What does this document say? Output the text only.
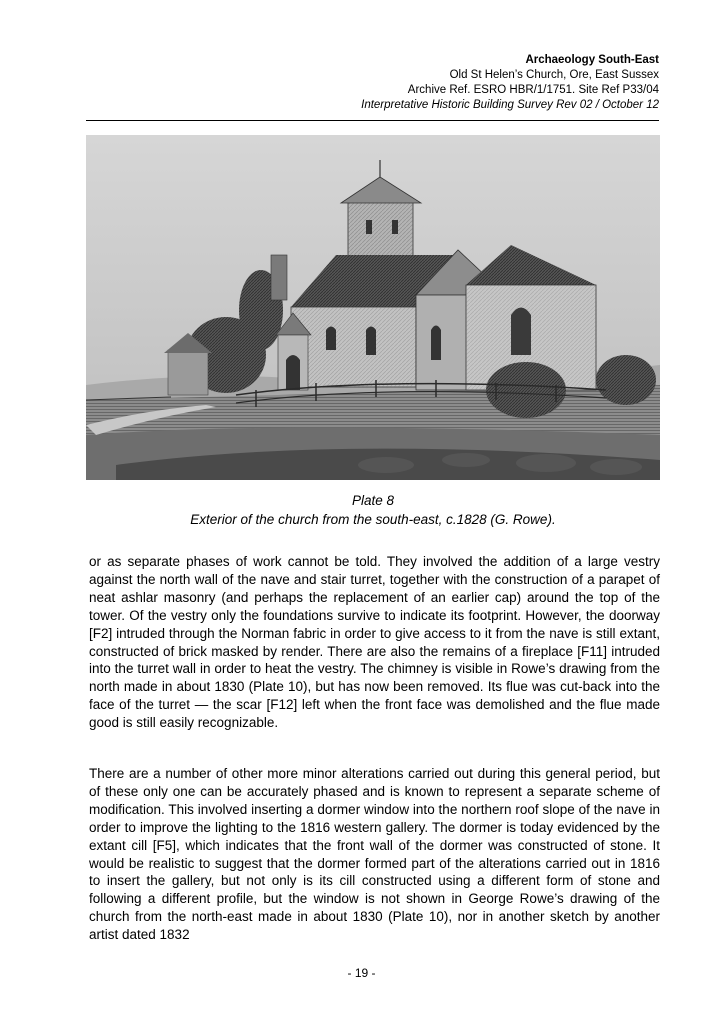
Archaeology South-East
Old St Helen’s Church, Ore, East Sussex
Archive Ref. ESRO HBR/1/1751. Site Ref P33/04
Interpretative Historic Building Survey Rev 02 / October 12
Plate 8
Exterior of the church from the south-east, c.1828 (G. Rowe).

or as separate phases of work cannot be told. They involved the addition of a large vestry against the north wall of the nave and stair turret, together with the construction of a parapet of neat ashlar masonry (and perhaps the replacement of an earlier cap) around the top of the tower. Of the vestry only the foundations survive to indicate its footprint. However, the doorway [F2] intruded through the Norman fabric in order to give access to it from the nave is still extant, constructed of brick masked by render. There are also the remains of a fireplace [F11] intruded into the turret wall in order to heat the vestry. The chimney is visible in Rowe’s drawing from the north made in about 1830 (Plate 10), but has now been removed. Its flue was cut-back into the face of the turret — the scar [F12] left when the front face was demolished and the flue made good is still easily recognizable.

There are a number of other more minor alterations carried out during this general period, but of these only one can be accurately phased and is known to represent a separate scheme of modification. This involved inserting a dormer window into the northern roof slope of the nave in order to improve the lighting to the 1816 western gallery. The dormer is today evidenced by the extant cill [F5], which indicates that the front wall of the dormer was constructed of stone. It would be realistic to suggest that the dormer formed part of the alterations carried out in 1816 to insert the gallery, but not only is its cill constructed using a different form of stone and following a different profile, but the window is not shown in George Rowe’s drawing of the church from the north-east made in about 1830 (Plate 10), nor in another sketch by another artist dated 1832

- 19 -
